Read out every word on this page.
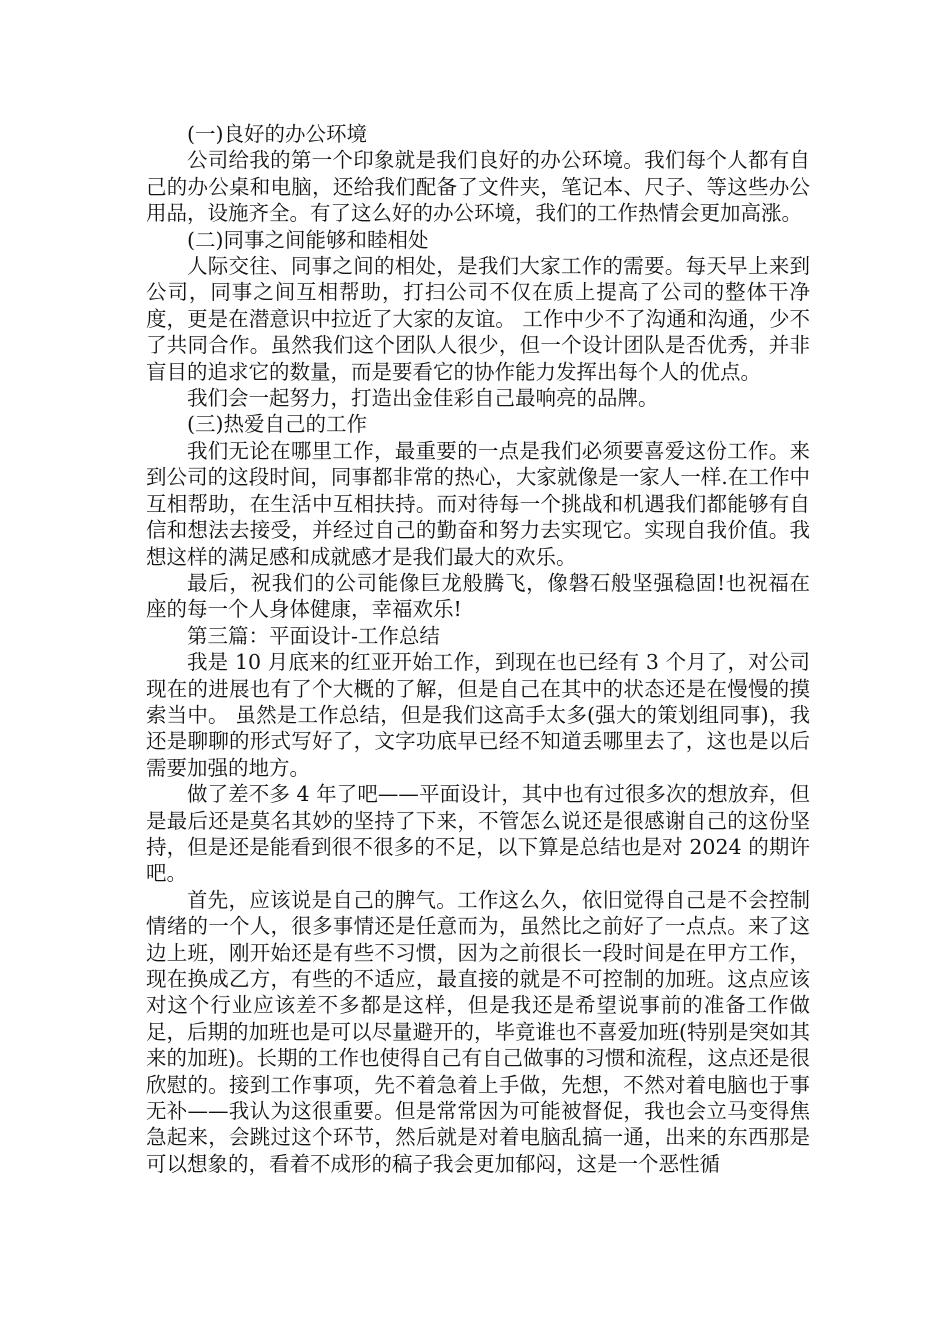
(一)良好的办公环境

公司给我的第一个印象就是我们良好的办公环境。我们每个人都有自己的办公桌和电脑，还给我们配备了文件夹，笔记本、尺子、等这些办公用品，设施齐全。有了这么好的办公环境，我们的工作热情会更加高涨。

(二)同事之间能够和睦相处

人际交往、同事之间的相处，是我们大家工作的需要。每天早上来到公司，同事之间互相帮助，打扫公司不仅在质上提高了公司的整体干净度，更是在潜意识中拉近了大家的友谊。 工作中少不了沟通和沟通，少不了共同合作。虽然我们这个团队人很少，但一个设计团队是否优秀，并非盲目的追求它的数量，而是要看它的协作能力发挥出每个人的优点。

我们会一起努力，打造出金佳彩自己最响亮的品牌。

(三)热爱自己的工作

我们无论在哪里工作，最重要的一点是我们必须要喜爱这份工作。来到公司的这段时间，同事都非常的热心，大家就像是一家人一样.在工作中互相帮助，在生活中互相扶持。而对待每一个挑战和机遇我们都能够有自信和想法去接受，并经过自己的勤奋和努力去实现它。实现自我价值。我想这样的满足感和成就感才是我们最大的欢乐。

最后，祝我们的公司能像巨龙般腾飞，像磐石般坚强稳固!也祝福在座的每一个人身体健康，幸福欢乐!

第三篇：平面设计-工作总结

我是 10 月底来的红亚开始工作，到现在也已经有 3 个月了，对公司现在的进展也有了个大概的了解，但是自己在其中的状态还是在慢慢的摸索当中。 虽然是工作总结，但是我们这高手太多(强大的策划组同事)，我还是聊聊的形式写好了，文字功底早已经不知道丢哪里去了，这也是以后需要加强的地方。

做了差不多 4 年了吧——平面设计，其中也有过很多次的想放弃，但是最后还是莫名其妙的坚持了下来，不管怎么说还是很感谢自己的这份坚持，但是还是能看到很不很多的不足，以下算是总结也是对 2024 的期许吧。

首先，应该说是自己的脾气。工作这么久，依旧觉得自己是不会控制情绪的一个人，很多事情还是任意而为，虽然比之前好了一点点。来了这边上班，刚开始还是有些不习惯，因为之前很长一段时间是在甲方工作，现在换成乙方，有些的不适应，最直接的就是不可控制的加班。这点应该对这个行业应该差不多都是这样，但是我还是希望说事前的准备工作做足，后期的加班也是可以尽量避开的，毕竟谁也不喜爱加班(特别是突如其来的加班)。长期的工作也使得自己有自己做事的习惯和流程，这点还是很欣慰的。接到工作事项，先不着急着上手做，先想，不然对着电脑也于事无补——我认为这很重要。但是常常因为可能被督促，我也会立马变得焦急起来，会跳过这个环节，然后就是对着电脑乱搞一通，出来的东西那是可以想象的，看着不成形的稿子我会更加郁闷，这是一个恶性循
